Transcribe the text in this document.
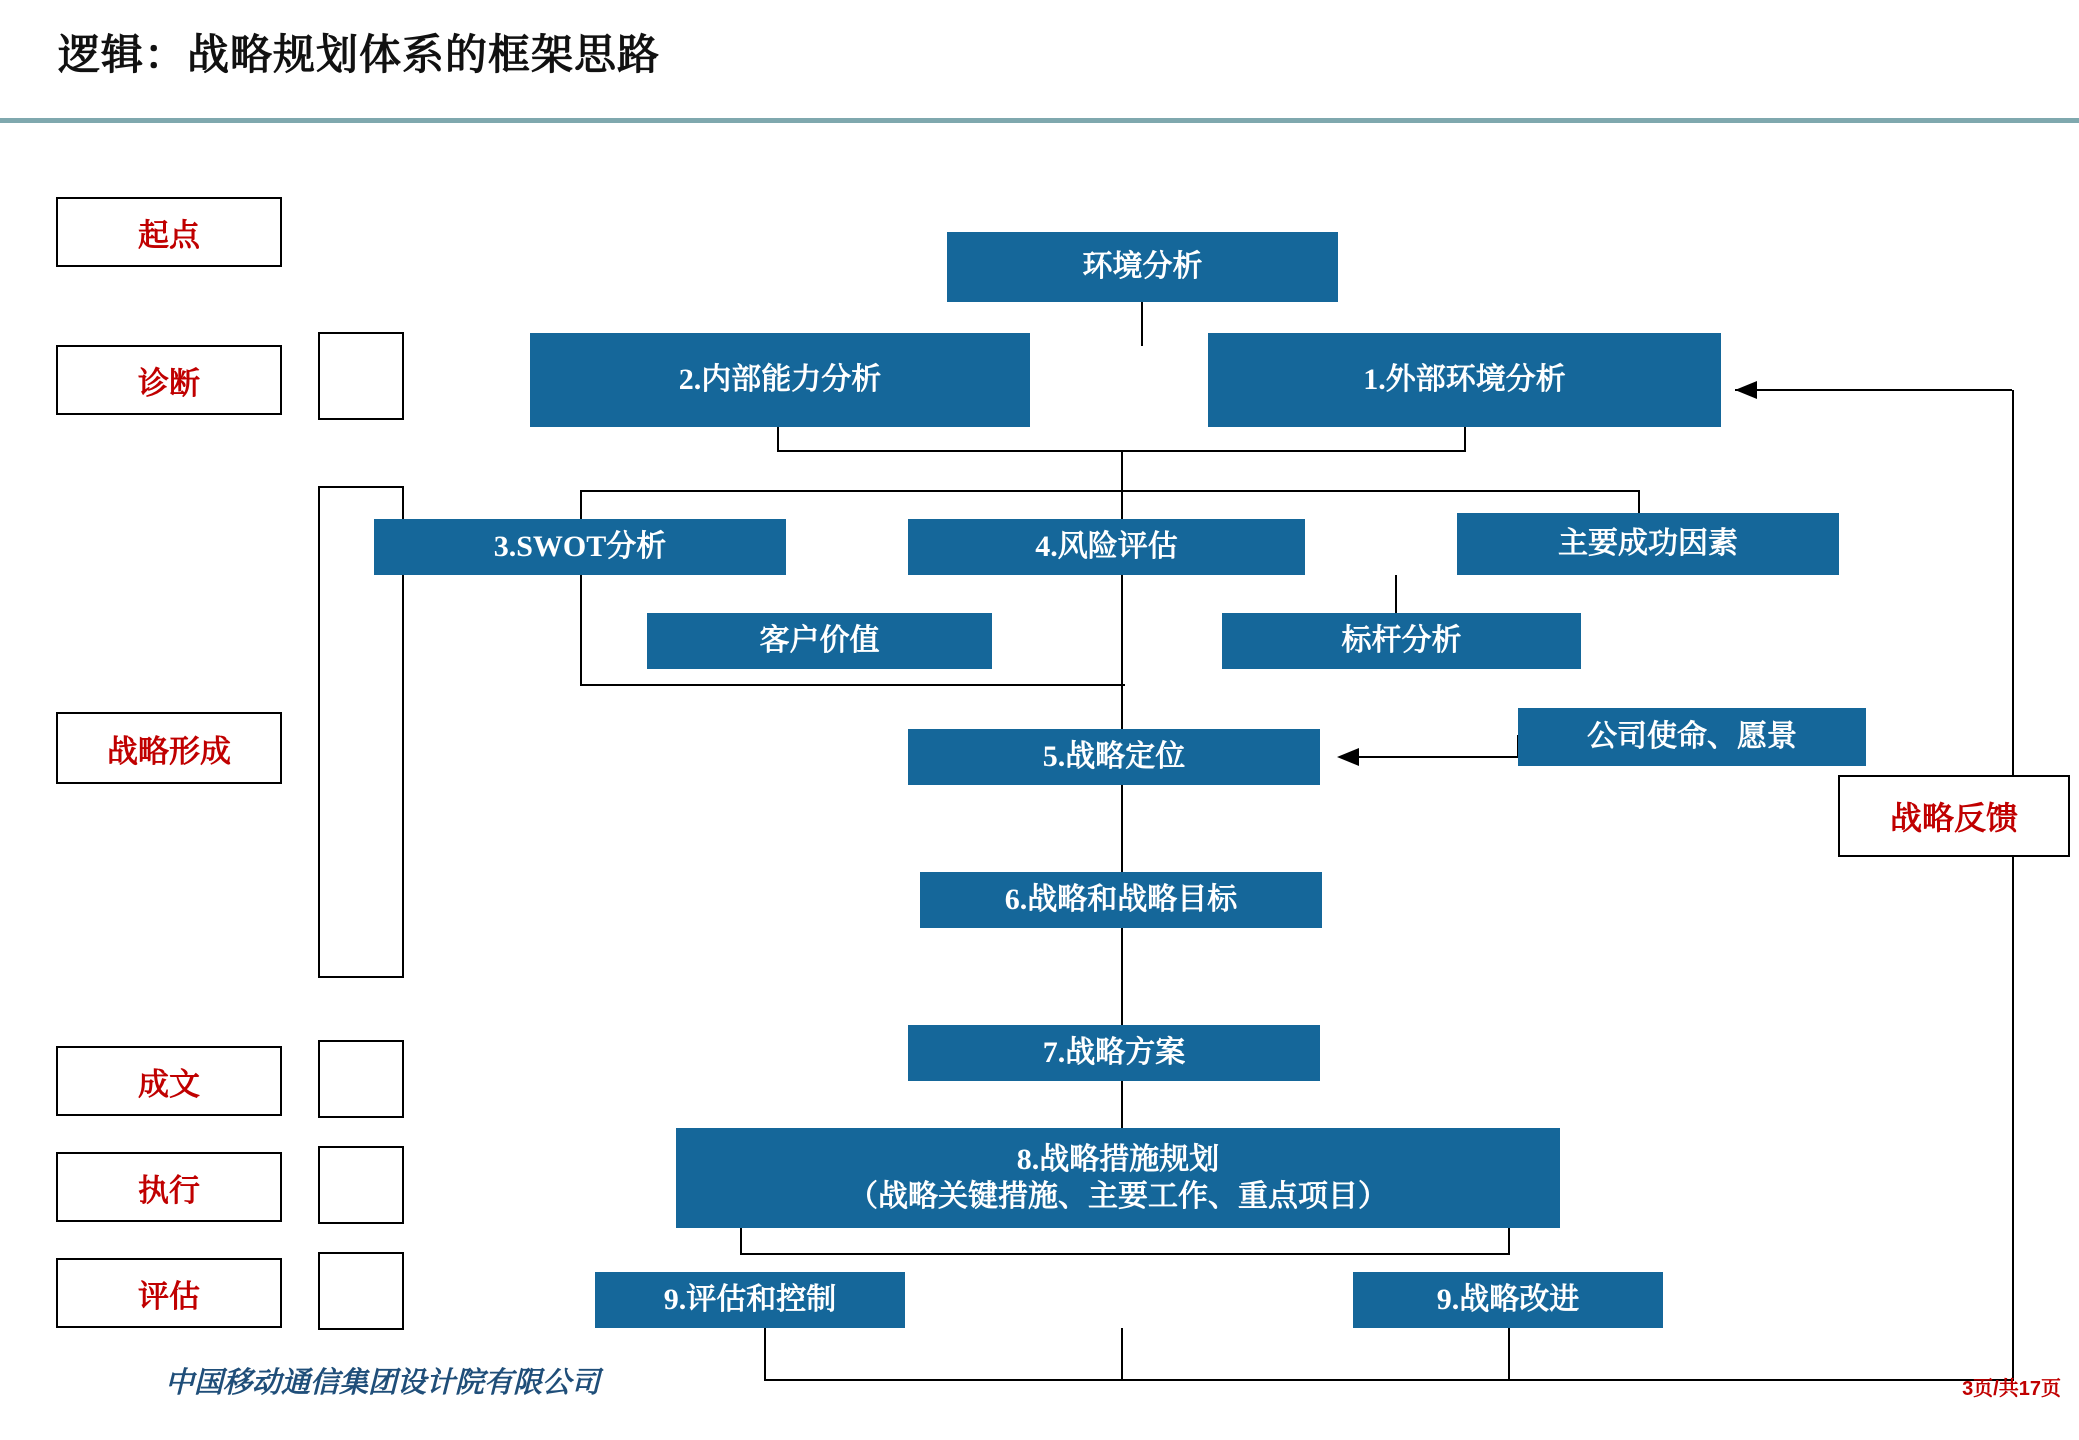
逻辑：战略规划体系的框架思路
起点
诊断
战略形成
成文
执行
评估
环境分析
2.内部能力分析	1.外部环境分析
3.SWOT分析	4.风险评估	主要成功因素
客户价值	标杆分析
5.战略定位
公司使命、愿景
6.战略和战略目标
7.战略方案
8.战略措施规划
（战略关键措施、主要工作、重点项目）
9.评估和控制	9.战略改进
战略反馈
中国移动通信集团设计院有限公司	3页/共17页
